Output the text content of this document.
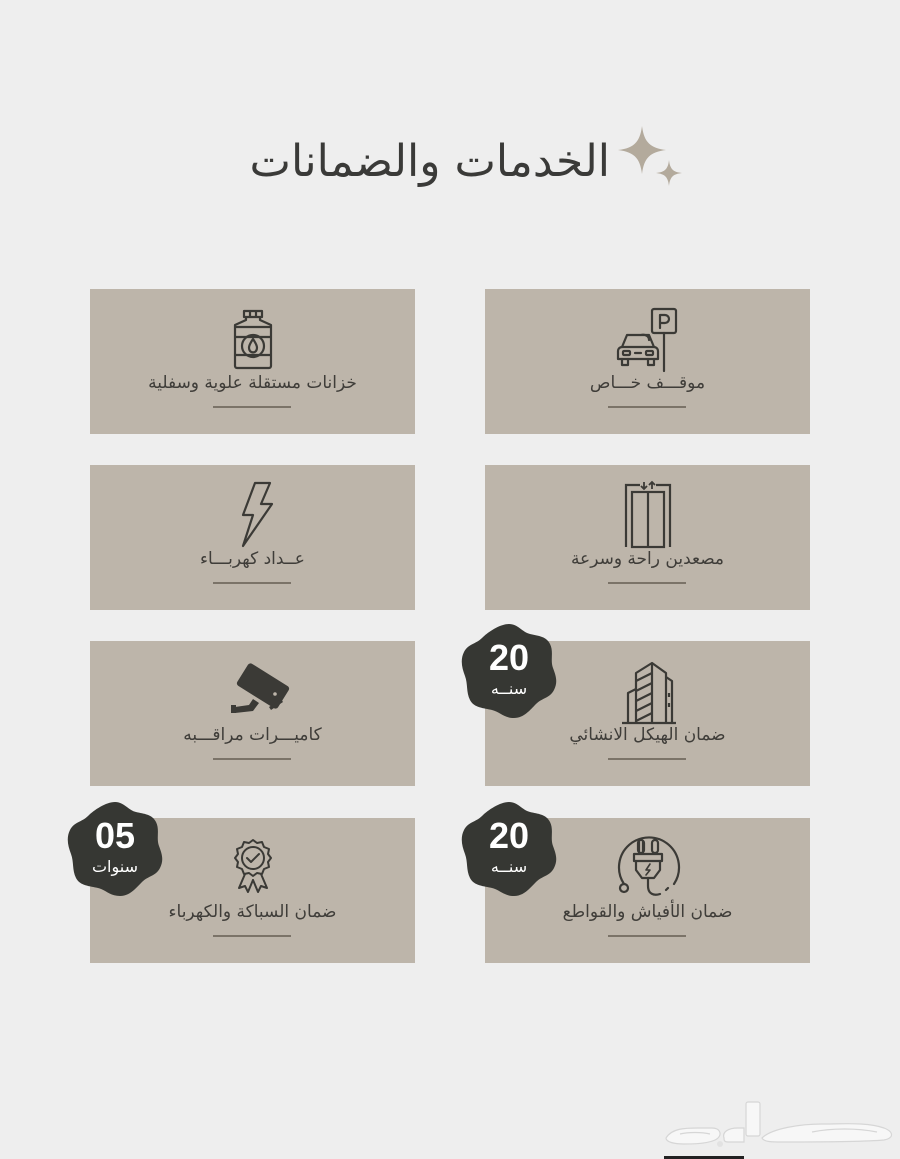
الخدمات والضمانات
موقـــف خـــاص
خزانات مستقلة علوية وسفلية
مصعدين راحة وسرعة
عــداد كهربـــاء
ضمان الهيكل الانشائي
كاميـــرات مراقـــبه
ضمان الأفياش والقواطع
ضمان السباكة والكهرباء
20
سنــه
20
سنــه
05
سنوات
